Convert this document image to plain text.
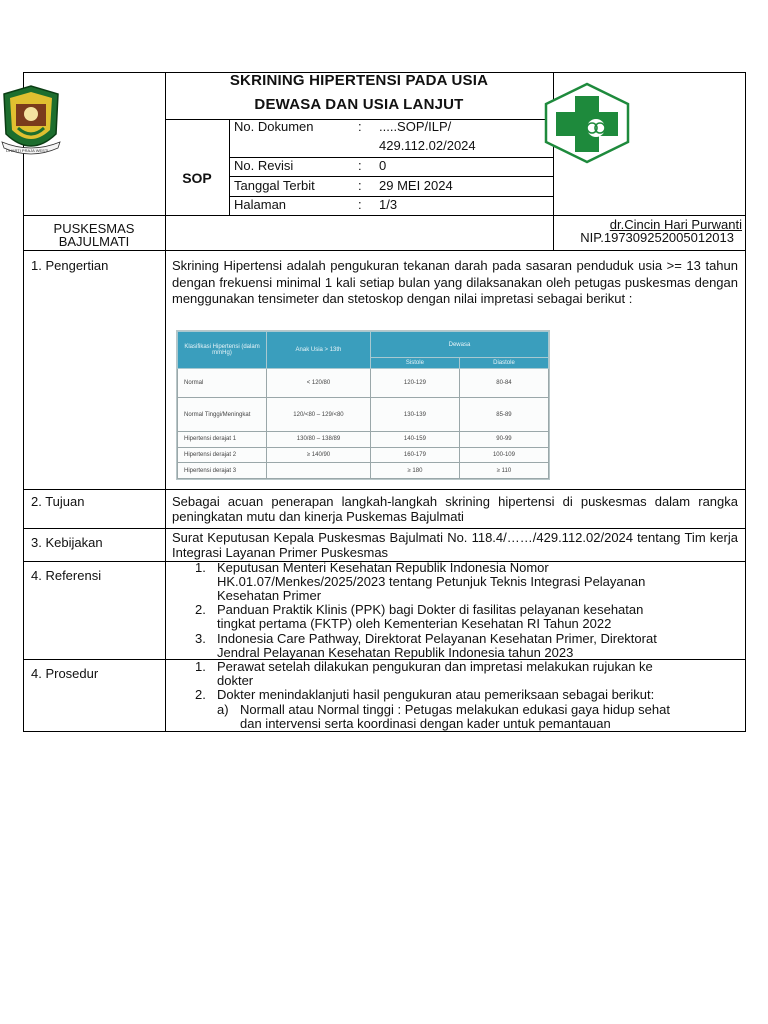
DHARTI PRAJA WESTI
SKRINING HIPERTENSI PADA USIA
DEWASA DAN USIA LANJUT
SOP
No. Dokumen	: .....SOP/ILP/
429.112.02/2024
No. Revisi	: 0
Tanggal Terbit	: 29 MEI 2024
Halaman	: 1/3
PUSKESMAS
BAJULMATI
dr.Cincin Hari Purwanti
NIP.197309252005012013
1. Pengertian	Skrining Hipertensi adalah pengukuran tekanan darah pada sasaran penduduk usia >= 13 tahun dengan frekuensi minimal 1 kali setiap bulan yang dilaksanakan oleh petugas puskesmas dengan menggunakan tensimeter dan stetoskop dengan nilai impretasi sebagai berikut :
Klasifikasi Hipertensi (dalam mmHg)	Anak Usia > 13th	Dewasa	
		Sistole	Diastole
Normal	< 120/80	120-129	80-84
Normal Tinggi/Meningkat	120/<80 – 129/<80	130-139	85-89
Hipertensi derajat 1	130/80 – 138/89	140-159	90-99
Hipertensi derajat 2	≥ 140/90	160-179	100-109
Hipertensi derajat 3		≥ 180	≥ 110
2. Tujuan	Sebagai acuan penerapan langkah-langkah skrining hipertensi di puskesmas dalam rangka peningkatan mutu dan kinerja Puskemas Bajulmati
3. Kebijakan	Surat Keputusan Kepala Puskesmas Bajulmati No. 118.4/……/429.112.02/2024 tentang Tim kerja Integrasi Layanan Primer Puskesmas
4. Referensi
1. Keputusan Menteri Kesehatan Republik Indonesia Nomor
HK.01.07/Menkes/2025/2023 tentang Petunjuk Teknis Integrasi Pelayanan
Kesehatan Primer
2. Panduan Praktik Klinis (PPK) bagi Dokter di fasilitas pelayanan kesehatan
tingkat pertama (FKTP) oleh Kementerian Kesehatan RI Tahun 2022
3. Indonesia Care Pathway, Direktorat Pelayanan Kesehatan Primer, Direktorat
Jendral Pelayanan Kesehatan Republik Indonesia tahun 2023
4. Prosedur	1. Perawat setelah dilakukan pengukuran dan impretasi melakukan rujukan ke
dokter
2. Dokter menindaklanjuti hasil pengukuran atau pemeriksaan sebagai berikut:
a) Normall atau Normal tinggi : Petugas melakukan edukasi gaya hidup sehat
dan intervensi serta koordinasi dengan kader untuk pemantauan
